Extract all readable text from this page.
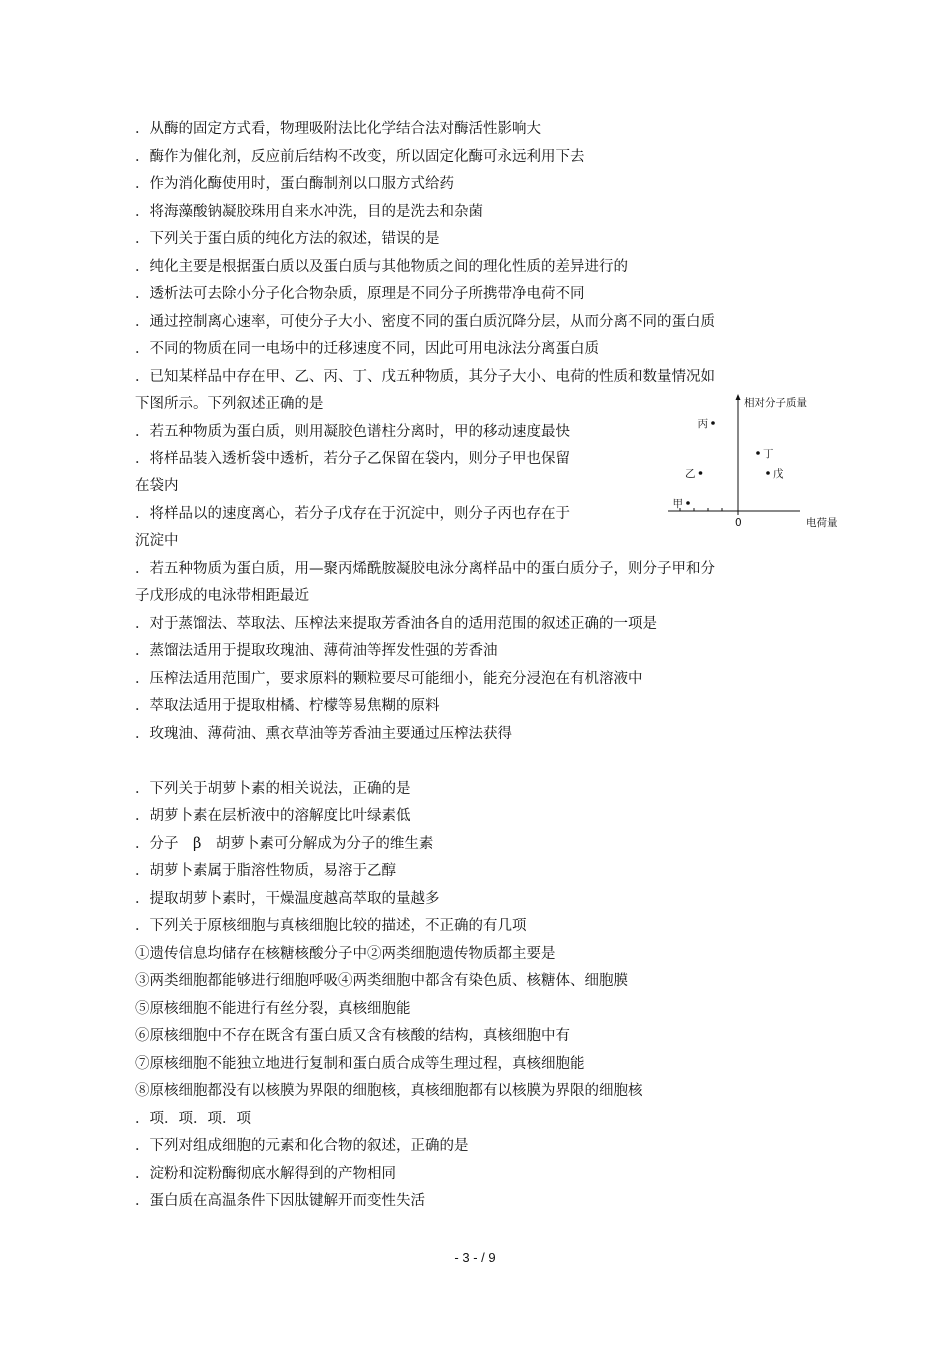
．从酶的固定方式看，物理吸附法比化学结合法对酶活性影响大
．酶作为催化剂，反应前后结构不改变，所以固定化酶可永远利用下去
．作为消化酶使用时，蛋白酶制剂以口服方式给药
．将海藻酸钠凝胶珠用自来水冲洗，目的是洗去和杂菌
．下列关于蛋白质的纯化方法的叙述，错误的是
．纯化主要是根据蛋白质以及蛋白质与其他物质之间的理化性质的差异进行的
．透析法可去除小分子化合物杂质，原理是不同分子所携带净电荷不同
．通过控制离心速率，可使分子大小、密度不同的蛋白质沉降分层，从而分离不同的蛋白质
．不同的物质在同一电场中的迁移速度不同，因此可用电泳法分离蛋白质
．已知某样品中存在甲、乙、丙、丁、戊五种物质，其分子大小、电荷的性质和数量情况如
下图所示。下列叙述正确的是
．若五种物质为蛋白质，则用凝胶色谱柱分离时，甲的移动速度最快
．将样品装入透析袋中透析，若分子乙保留在袋内，则分子甲也保留
在袋内
．将样品以的速度离心，若分子戊存在于沉淀中，则分子丙也存在于
沉淀中
．若五种物质为蛋白质，用—聚丙烯酰胺凝胶电泳分离样品中的蛋白质分子，则分子甲和分
子戊形成的电泳带相距最近
．对于蒸馏法、萃取法、压榨法来提取芳香油各自的适用范围的叙述正确的一项是
．蒸馏法适用于提取玫瑰油、薄荷油等挥发性强的芳香油
．压榨法适用范围广，要求原料的颗粒要尽可能细小，能充分浸泡在有机溶液中
．萃取法适用于提取柑橘、柠檬等易焦糊的原料
．玫瑰油、薄荷油、熏衣草油等芳香油主要通过压榨法获得
．下列关于胡萝卜素的相关说法，正确的是
．胡萝卜素在层析液中的溶解度比叶绿素低
．分子　β　胡萝卜素可分解成为分子的维生素
．胡萝卜素属于脂溶性物质，易溶于乙醇
．提取胡萝卜素时，干燥温度越高萃取的量越多
．下列关于原核细胞与真核细胞比较的描述，不正确的有几项
①遗传信息均储存在核糖核酸分子中②两类细胞遗传物质都主要是
③两类细胞都能够进行细胞呼吸④两类细胞中都含有染色质、核糖体、细胞膜
⑤原核细胞不能进行有丝分裂，真核细胞能
⑥原核细胞中不存在既含有蛋白质又含有核酸的结构，真核细胞中有
⑦原核细胞不能独立地进行复制和蛋白质合成等生理过程，真核细胞能
⑧原核细胞都没有以核膜为界限的细胞核，真核细胞都有以核膜为界限的细胞核
．项．项．项．项
．下列对组成细胞的元素和化合物的叙述，正确的是
．淀粉和淀粉酶彻底水解得到的产物相同
．蛋白质在高温条件下因肽键解开而变性失活
相对分子质量
电荷量
0
丙
丁
乙	戊
甲
- 3 - / 9
